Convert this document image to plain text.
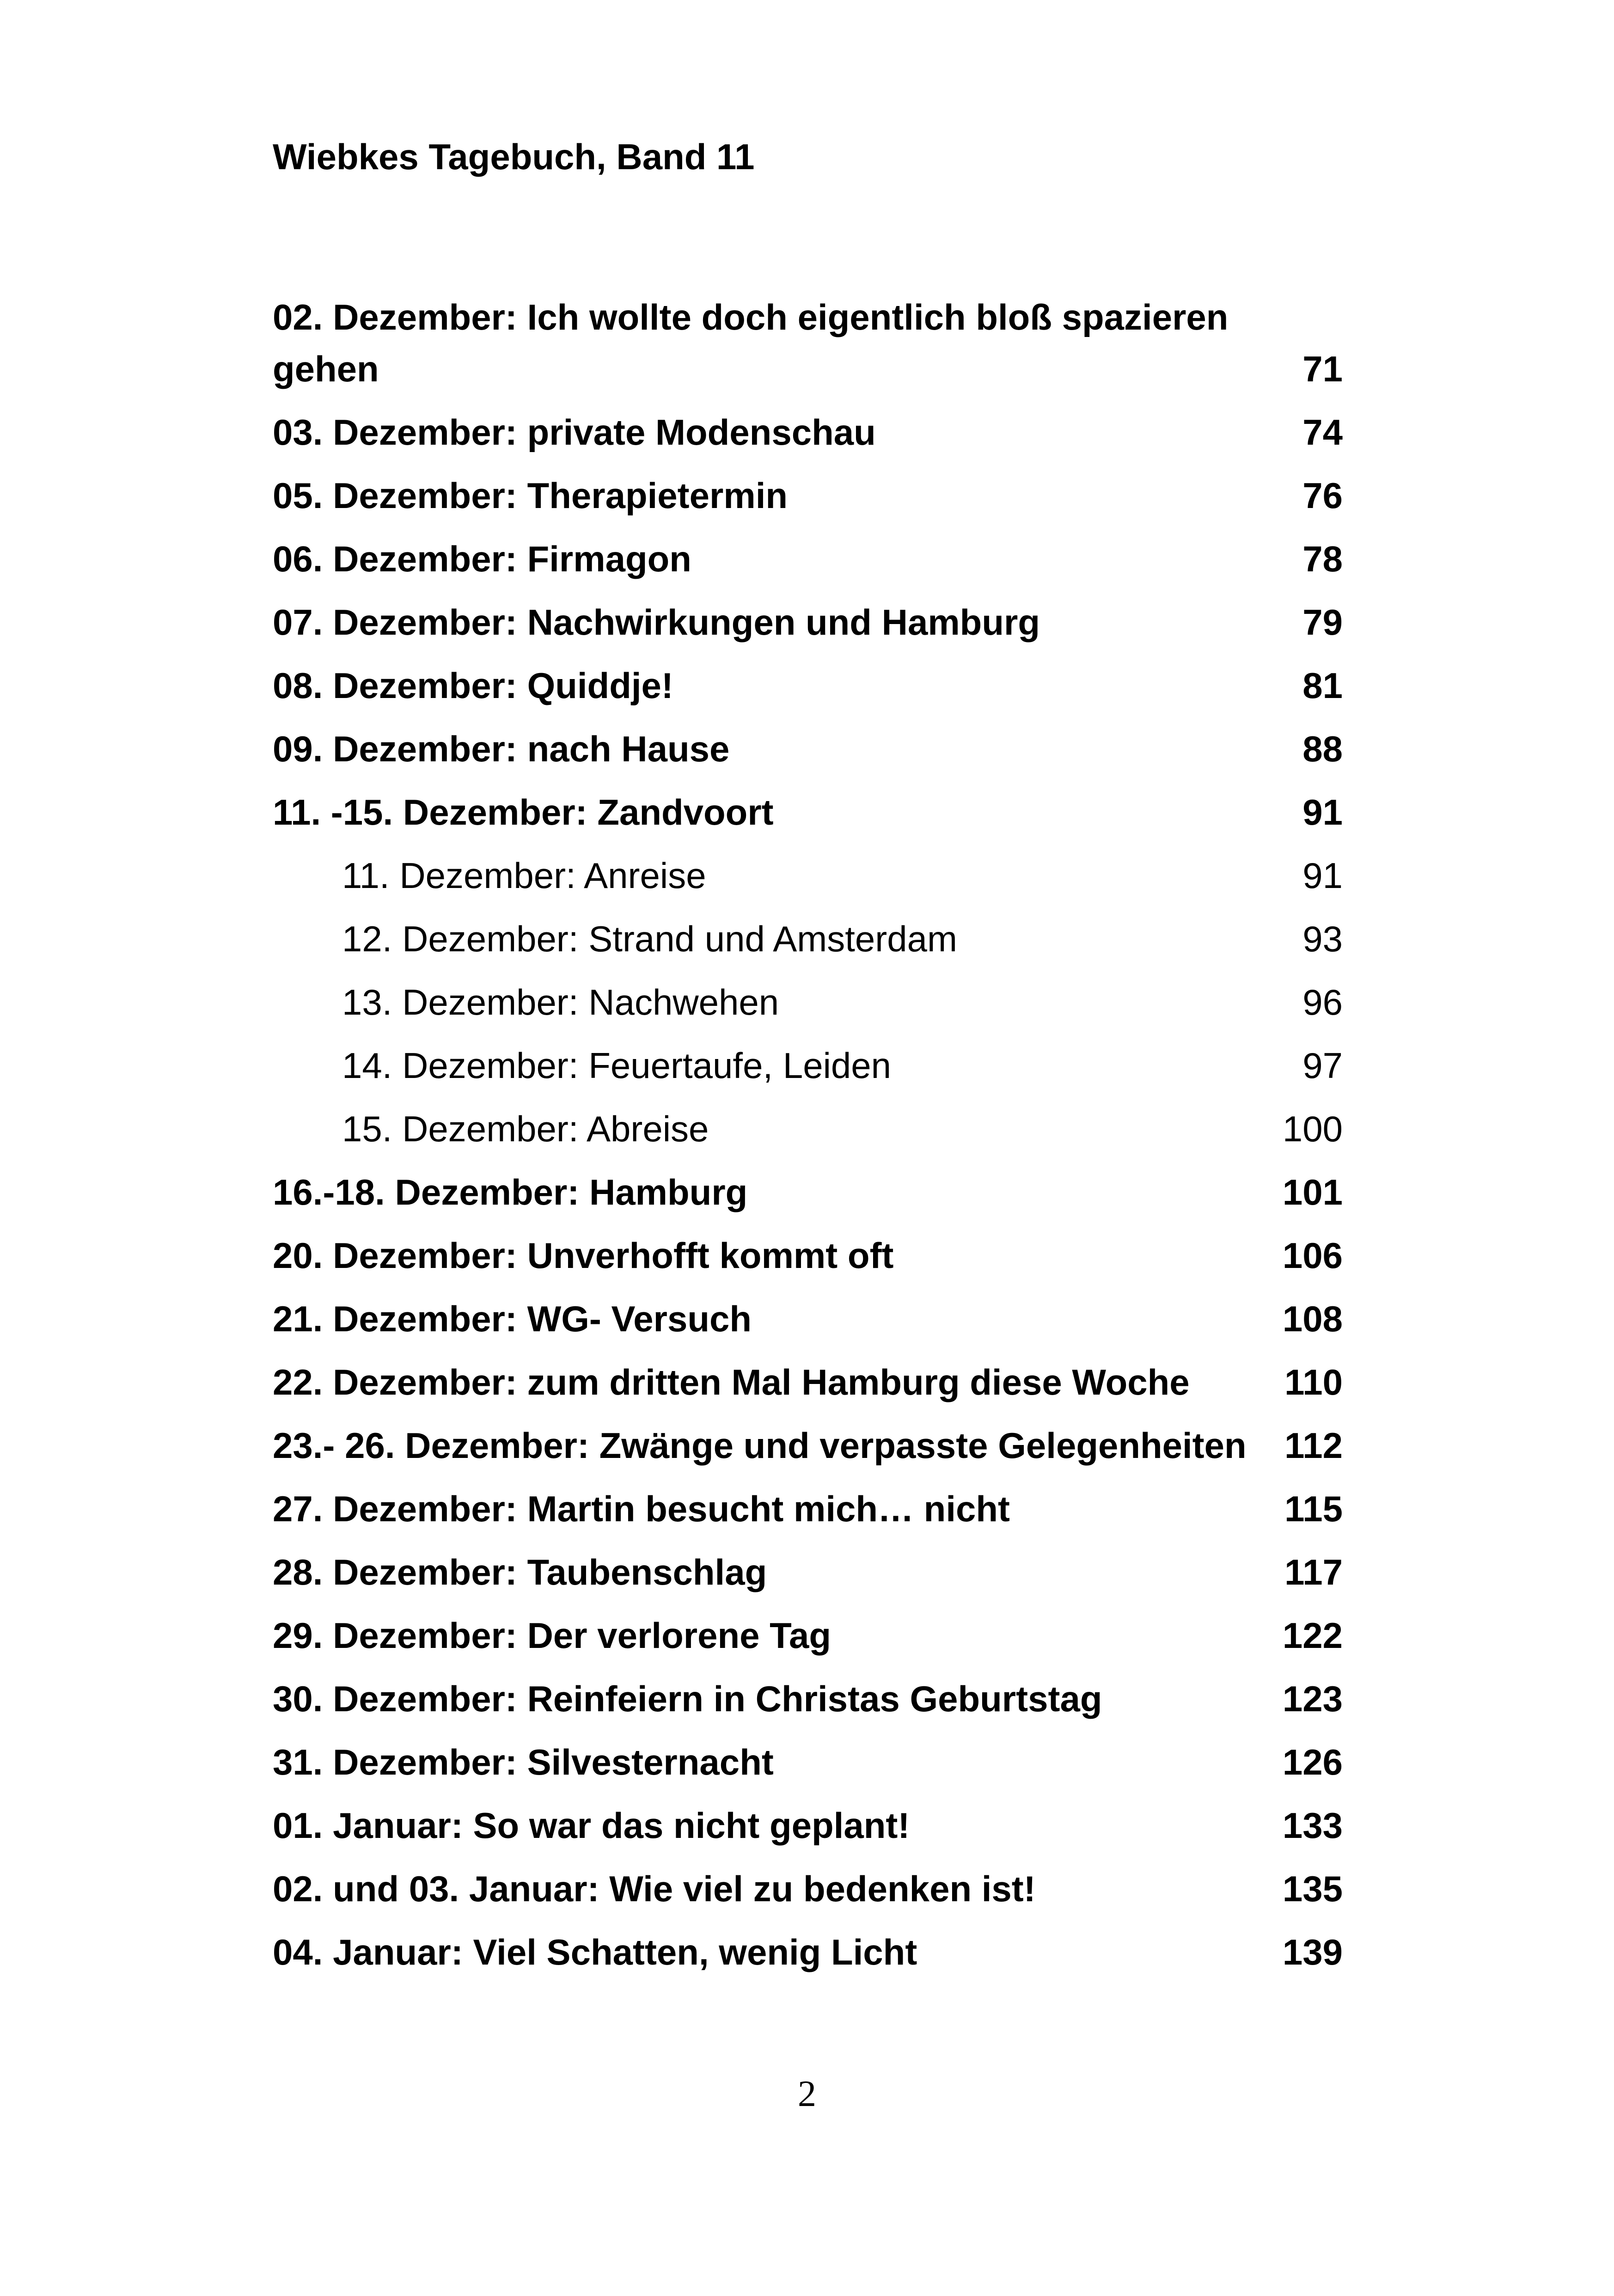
Wiebkes Tagebuch, Band 11
02. Dezember: Ich wollte doch eigentlich bloß spazieren gehen	71
03. Dezember: private Modenschau	74
05. Dezember: Therapietermin	76
06. Dezember: Firmagon	78
07. Dezember: Nachwirkungen und Hamburg	79
08. Dezember: Quiddje!	81
09. Dezember: nach Hause	88
11. -15. Dezember: Zandvoort	91
11. Dezember: Anreise	91
12. Dezember: Strand und Amsterdam	93
13. Dezember: Nachwehen	96
14. Dezember: Feuertaufe, Leiden	97
15. Dezember: Abreise	100
16.-18. Dezember: Hamburg	101
20. Dezember: Unverhofft kommt oft	106
21. Dezember: WG- Versuch	108
22. Dezember: zum dritten Mal Hamburg diese Woche	110
23.- 26. Dezember: Zwänge und verpasste Gelegenheiten 112
27. Dezember: Martin besucht mich… nicht	115
28. Dezember: Taubenschlag	117
29. Dezember: Der verlorene Tag	122
30. Dezember: Reinfeiern in Christas Geburtstag	123
31. Dezember: Silvesternacht	126
01. Januar: So war das nicht geplant!	133
02. und 03. Januar: Wie viel zu bedenken ist!	135
04. Januar: Viel Schatten, wenig Licht	139
2
